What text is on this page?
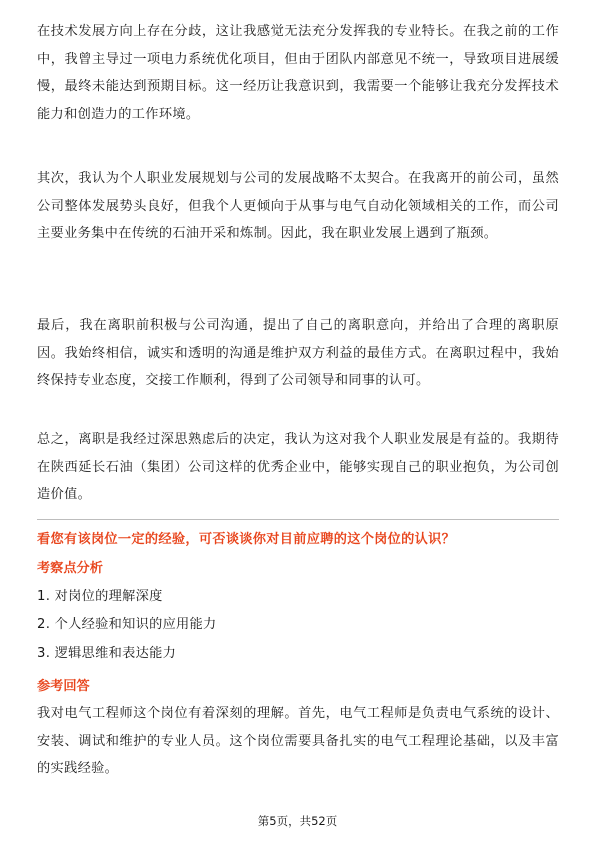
在技术发展方向上存在分歧，这让我感觉无法充分发挥我的专业特长。在我之前的工作中，我曾主导过一项电力系统优化项目，但由于团队内部意见不统一，导致项目进展缓慢，最终未能达到预期目标。这一经历让我意识到，我需要一个能够让我充分发挥技术能力和创造力的工作环境。

其次，我认为个人职业发展规划与公司的发展战略不太契合。在我离开的前公司，虽然公司整体发展势头良好，但我个人更倾向于从事与电气自动化领域相关的工作，而公司主要业务集中在传统的石油开采和炼制。因此，我在职业发展上遇到了瓶颈。

最后，我在离职前积极与公司沟通，提出了自己的离职意向，并给出了合理的离职原因。我始终相信，诚实和透明的沟通是维护双方利益的最佳方式。在离职过程中，我始终保持专业态度，交接工作顺利，得到了公司领导和同事的认可。

总之，离职是我经过深思熟虑后的决定，我认为这对我个人职业发展是有益的。我期待在陕西延长石油（集团）公司这样的优秀企业中，能够实现自己的职业抱负，为公司创造价值。

看您有该岗位一定的经验，可否谈谈你对目前应聘的这个岗位的认识？

考察点分析

1. 对岗位的理解深度

2. 个人经验和知识的应用能力

3. 逻辑思维和表达能力

参考回答

我对电气工程师这个岗位有着深刻的理解。首先，电气工程师是负责电气系统的设计、安装、调试和维护的专业人员。这个岗位需要具备扎实的电气工程理论基础，以及丰富的实践经验。

第5页，共52页
